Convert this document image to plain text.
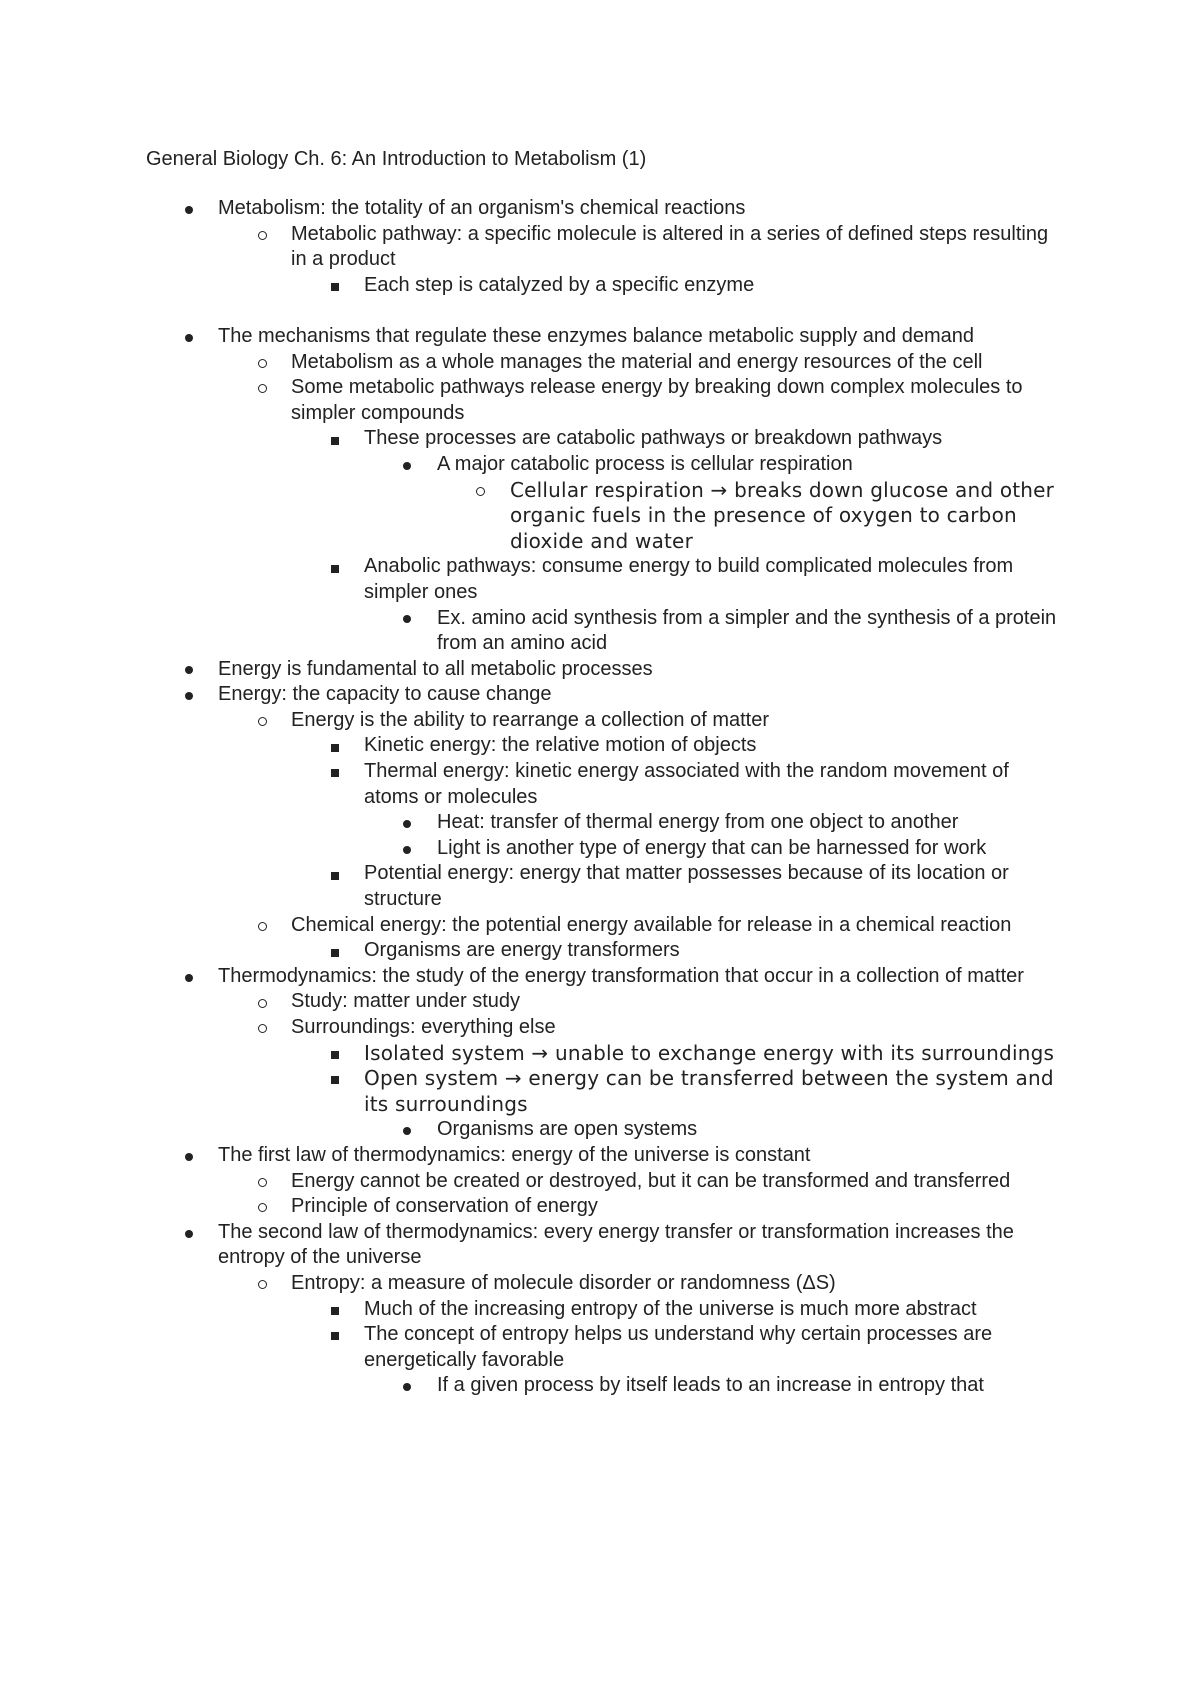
General Biology Ch. 6: An Introduction to Metabolism (1)
Metabolism: the totality of an organism's chemical reactions
Metabolic pathway: a specific molecule is altered in a series of defined steps resulting in a product
Each step is catalyzed by a specific enzyme
The mechanisms that regulate these enzymes balance metabolic supply and demand
Metabolism as a whole manages the material and energy resources of the cell
Some metabolic pathways release energy by breaking down complex molecules to simpler compounds
These processes are catabolic pathways or breakdown pathways
A major catabolic process is cellular respiration
Cellular respiration → breaks down glucose and other organic fuels in the presence of oxygen to carbon dioxide and water
Anabolic pathways: consume energy to build complicated molecules from simpler ones
Ex. amino acid synthesis from a simpler and the synthesis of a protein from an amino acid
Energy is fundamental to all metabolic processes
Energy: the capacity to cause change
Energy is the ability to rearrange a collection of matter
Kinetic energy: the relative motion of objects
Thermal energy: kinetic energy associated with the random movement of atoms or molecules
Heat: transfer of thermal energy from one object to another
Light is another type of energy that can be harnessed for work
Potential energy: energy that matter possesses because of its location or structure
Chemical energy: the potential energy available for release in a chemical reaction
Organisms are energy transformers
Thermodynamics: the study of the energy transformation that occur in a collection of matter
Study: matter under study
Surroundings: everything else
Isolated system → unable to exchange energy with its surroundings
Open system → energy can be transferred between the system and its surroundings
Organisms are open systems
The first law of thermodynamics: energy of the universe is constant
Energy cannot be created or destroyed, but it can be transformed and transferred
Principle of conservation of energy
The second law of thermodynamics: every energy transfer or transformation increases the entropy of the universe
Entropy: a measure of molecule disorder or randomness (ΔS)
Much of the increasing entropy of the universe is much more abstract
The concept of entropy helps us understand why certain processes are energetically favorable
If a given process by itself leads to an increase in entropy that
